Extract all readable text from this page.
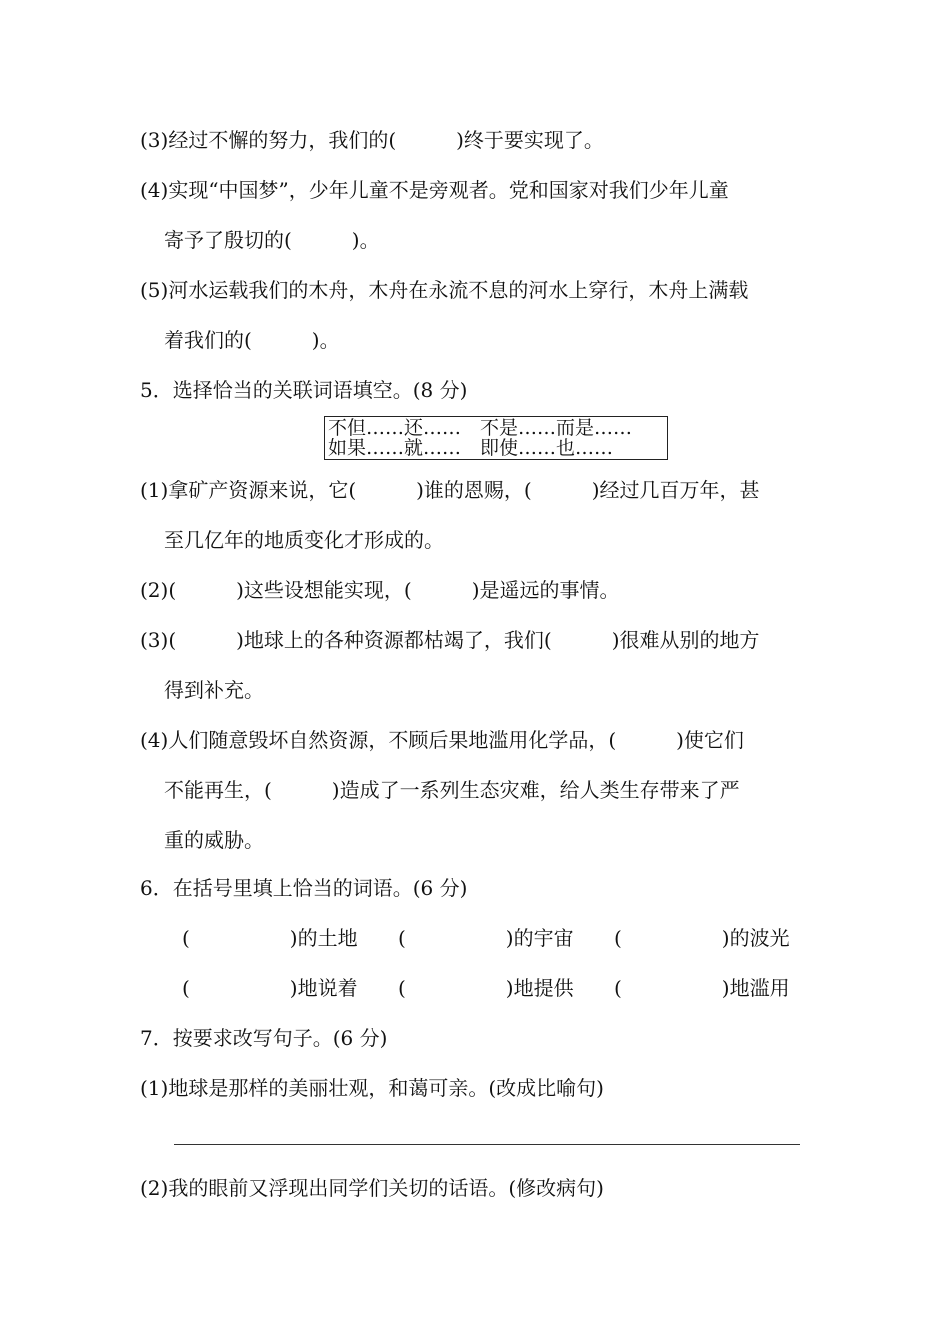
(3)经过不懈的努力，我们的(　　　)终于要实现了。
(4)实现“中国梦”，少年儿童不是旁观者。党和国家对我们少年儿童
寄予了殷切的(　　　)。
(5)河水运载我们的木舟，木舟在永流不息的河水上穿行，木舟上满载
着我们的(　　　)。
5．选择恰当的关联词语填空。(8 分)
不但……还……　不是……而是……
如果……就……　即使……也……
(1)拿矿产资源来说，它(　　　)谁的恩赐，(　　　)经过几百万年，甚
至几亿年的地质变化才形成的。
(2)(　　　)这些设想能实现，(　　　)是遥远的事情。
(3)(　　　)地球上的各种资源都枯竭了，我们(　　　)很难从别的地方
得到补充。
(4)人们随意毁坏自然资源，不顾后果地滥用化学品，(　　　)使它们
不能再生，(　　　)造成了一系列生态灾难，给人类生存带来了严
重的威胁。
6．在括号里填上恰当的词语。(6 分)
(　　　　　)的土地 (　　　　　)的宇宙 (　　　　　)的波光
(　　　　　)地说着 (　　　　　)地提供 (　　　　　)地滥用
7．按要求改写句子。(6 分)
(1)地球是那样的美丽壮观，和蔼可亲。(改成比喻句)
(2)我的眼前又浮现出同学们关切的话语。(修改病句)
